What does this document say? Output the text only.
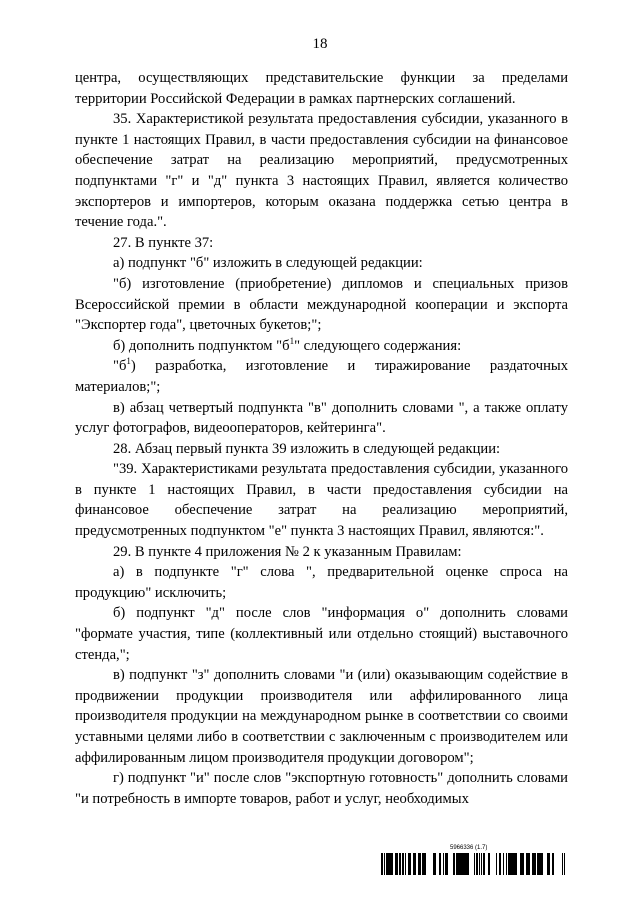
18

центра, осуществляющих представительские функции за пределами территории Российской Федерации в рамках партнерских соглашений.

35. Характеристикой результата предоставления субсидии, указанного в пункте 1 настоящих Правил, в части предоставления субсидии на финансовое обеспечение затрат на реализацию мероприятий, предусмотренных подпунктами "г" и "д" пункта 3 настоящих Правил, является количество экспортеров и импортеров, которым оказана поддержка сетью центра в течение года.".

27. В пункте 37:

а) подпункт "б" изложить в следующей редакции:

"б) изготовление (приобретение) дипломов и специальных призов Всероссийской премии в области международной кооперации и экспорта "Экспортер года", цветочных букетов;";

б) дополнить подпунктом "$б^1$" следующего содержания:

"$б^1$) разработка, изготовление и тиражирование раздаточных материалов;";

в) абзац четвертый подпункта "в" дополнить словами ", а также оплату услуг фотографов, видеооператоров, кейтеринга".

28. Абзац первый пункта 39 изложить в следующей редакции:

"39. Характеристиками результата предоставления субсидии, указанного в пункте 1 настоящих Правил, в части предоставления субсидии на финансовое обеспечение затрат на реализацию мероприятий, предусмотренных подпунктом "е" пункта 3 настоящих Правил, являются:".

29. В пункте 4 приложения № 2 к указанным Правилам:

а) в подпункте "г" слова ", предварительной оценке спроса на продукцию" исключить;

б) подпункт "д" после слов "информация о" дополнить словами "формате участия, типе (коллективный или отдельно стоящий) выставочного стенда,";

в) подпункт "з" дополнить словами "и (или) оказывающим содействие в продвижении продукции производителя или аффилированного лица производителя продукции на международном рынке в соответствии со своими уставными целями либо в соответствии с заключенным с производителем или аффилированным лицом производителя продукции договором";

г) подпункт "и" после слов "экспортную готовность" дополнить словами "и потребность в импорте товаров, работ и услуг, необходимых

5966336 (1.7)
